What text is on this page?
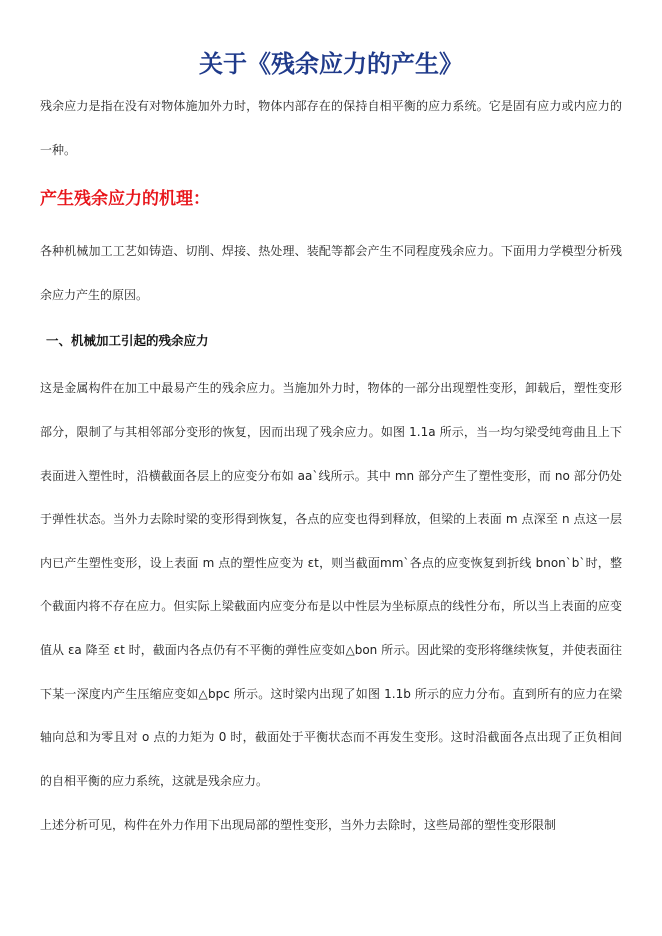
关于《残余应力的产生》

残余应力是指在没有对物体施加外力时，物体内部存在的保持自相平衡的应力系统。它是固有应力或内应力的一种。

产生残余应力的机理：

各种机械加工工艺如铸造、切削、焊接、热处理、装配等都会产生不同程度残余应力。下面用力学模型分析残余应力产生的原因。

一、机械加工引起的残余应力

这是金属构件在加工中最易产生的残余应力。当施加外力时，物体的一部分出现塑性变形，卸载后，塑性变形部分，限制了与其相邻部分变形的恢复，因而出现了残余应力。如图 1.1a 所示，当一均匀梁受纯弯曲且上下表面进入塑性时，沿横截面各层上的应变分布如 aa`线所示。其中 mn 部分产生了塑性变形，而 no 部分仍处于弹性状态。当外力去除时梁的变形得到恢复，各点的应变也得到释放，但梁的上表面 m 点深至 n 点这一层内已产生塑性变形，设上表面 m 点的塑性应变为 εt，则当截面mm`各点的应变恢复到折线 bnon`b`时，整个截面内将不存在应力。但实际上梁截面内应变分布是以中性层为坐标原点的线性分布，所以当上表面的应变值从 εa 降至 εt 时，截面内各点仍有不平衡的弹性应变如△bon 所示。因此梁的变形将继续恢复，并使表面往下某一深度内产生压缩应变如△bpc 所示。这时梁内出现了如图 1.1b 所示的应力分布。直到所有的应力在梁轴向总和为零且对 o 点的力矩为 0 时，截面处于平衡状态而不再发生变形。这时沿截面各点出现了正负相间的自相平衡的应力系统，这就是残余应力。

上述分析可见，构件在外力作用下出现局部的塑性变形，当外力去除时，这些局部的塑性变形限制
